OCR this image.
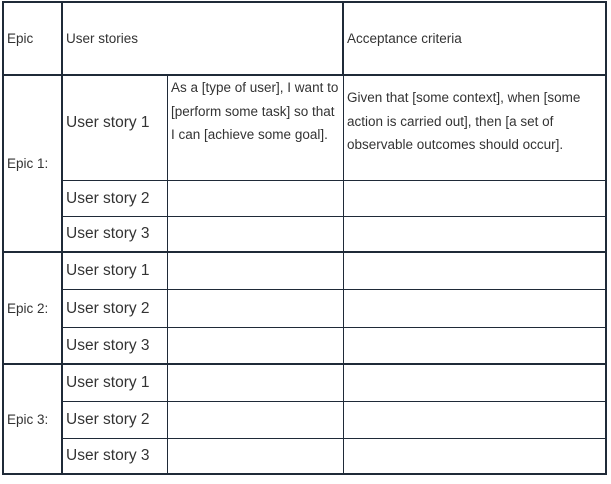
Epic	User stories	Acceptance criteria
Epic 1:
User story 1
As a [type of user], I want to [perform some task] so that I can [achieve some goal].
Given that [some context], when [some action is carried out], then [a set of observable outcomes should occur].
User story 2
User story 3
Epic 2:
User story 1
User story 2
User story 3
Epic 3:
User story 1
User story 2
User story 3
